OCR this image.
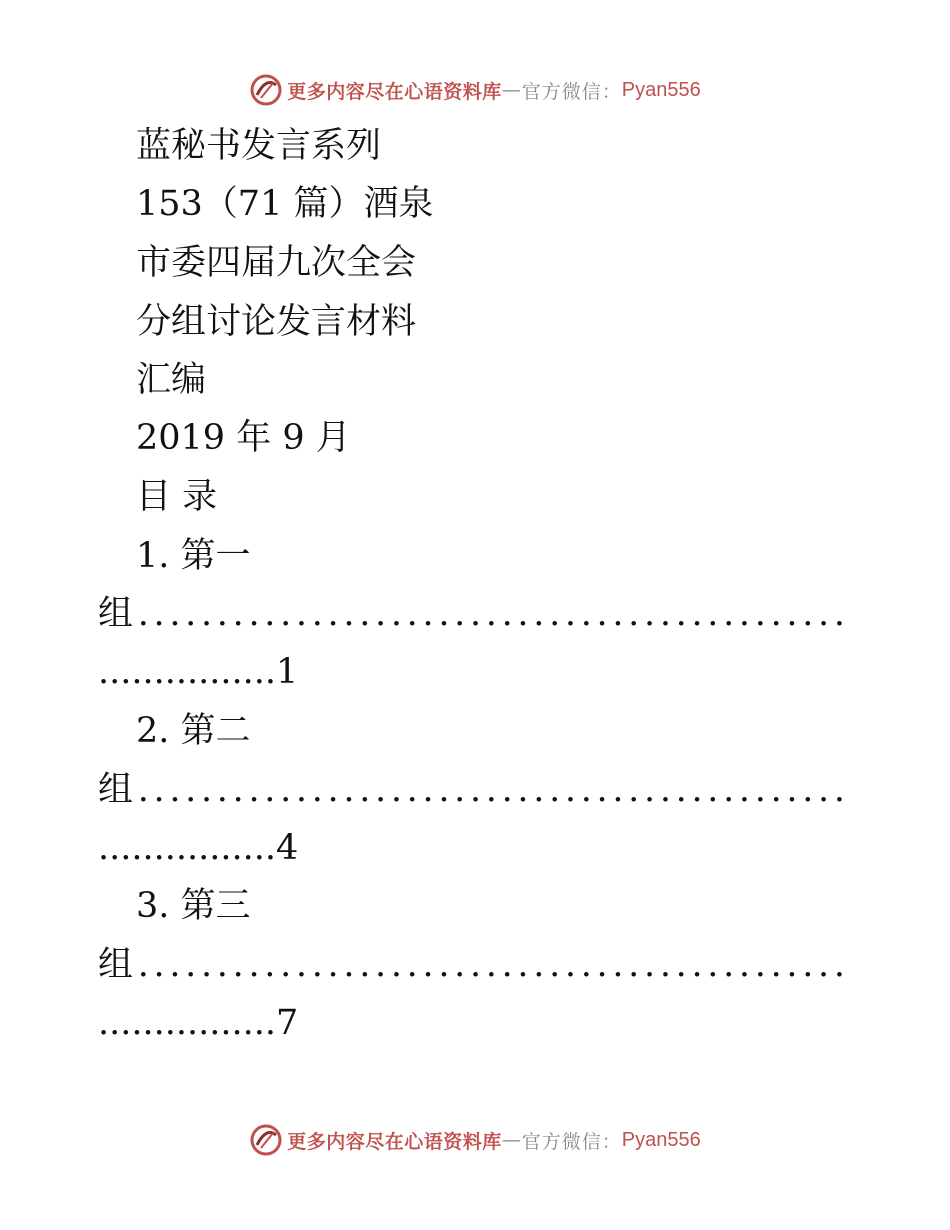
更多内容尽在心语资料库 — 官方微信： Pyan556
蓝秘书发言系列
153（71 篇）酒泉
市委四届九次全会
分组讨论发言材料
汇编
2019 年 9 月
目 录
1. 第一
组.............................................
................1
2. 第二
组.............................................
................4
3. 第三
组.............................................
................7
更多内容尽在心语资料库 — 官方微信： Pyan556
